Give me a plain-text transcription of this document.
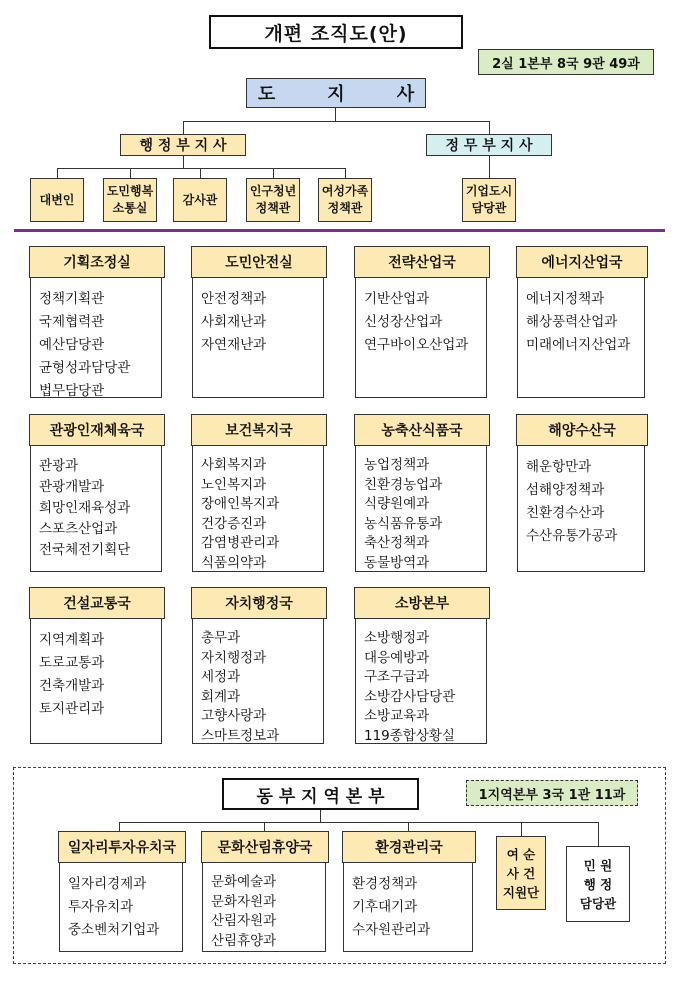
개편 조직도(안)
2실 1본부 8국 9관 49과
도	지	사
행 정 부 지 사	정 무 부 지 사
대변인
도민행복
소통실
감사관
인구청년
정책관
여성가족
정책관
기업도시
담당관
기획조정실
정책기획관
국제협력관
예산담당관
균형성과담당관
법무담당관
도민안전실
안전정책과
사회재난과
자연재난과
전략산업국
기반산업과
신성장산업과
연구바이오산업과
에너지산업국
에너지정책과
해상풍력산업과
미래에너지산업과
관광인재체육국
관광과
관광개발과
희망인재육성과
스포츠산업과
전국체전기획단
보건복지국
사회복지과
노인복지과
장애인복지과
건강증진과
감염병관리과
식품의약과
농축산식품국
농업정책과
친환경농업과
식량원예과
농식품유통과
축산정책과
동물방역과
해양수산국
해운항만과
섬해양정책과
친환경수산과
수산유통가공과
건설교통국
지역계획과
도로교통과
건축개발과
토지관리과
자치행정국
총무과
자치행정과
세정과
회계과
고향사랑과
스마트정보과
소방본부
소방행정과
대응예방과
구조구급과
소방감사담당관
소방교육과
119종합상황실
동 부 지 역 본 부	1지역본부 3국 1관 11과
일자리투자유치국
일자리경제과
투자유치과
중소벤처기업과
문화산림휴양국
문화예술과
문화자원과
산림자원과
산림휴양과
환경관리국
환경정책과
기후대기과
수자원관리과
여 순
사 건
지원단
민 원
행 정
담당관
